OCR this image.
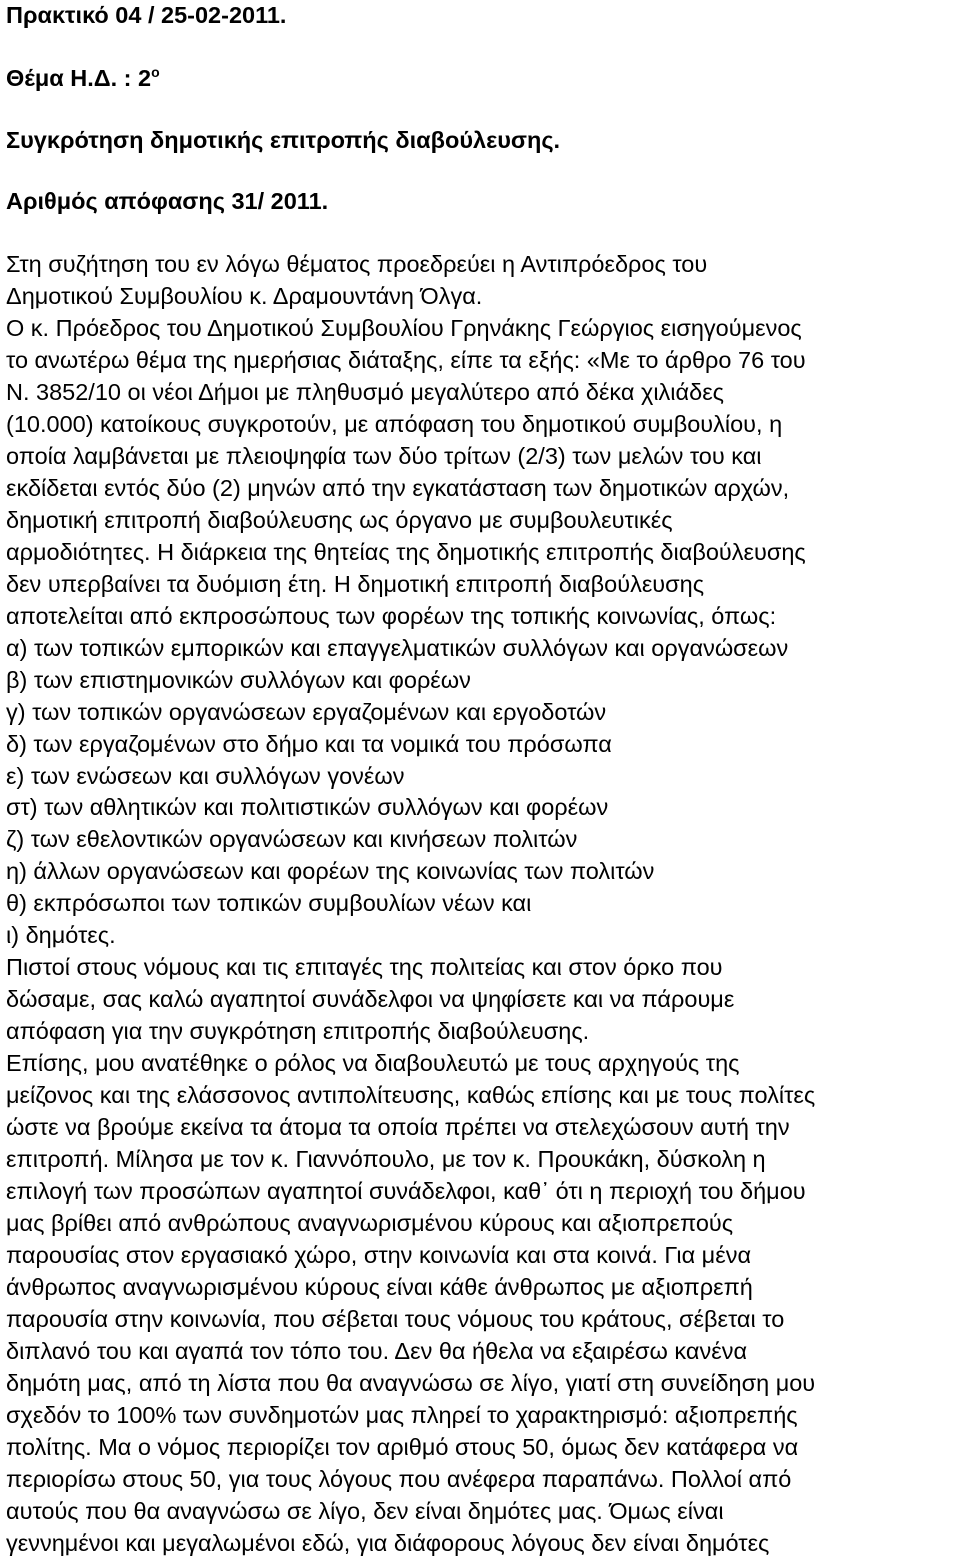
Πρακτικό 04 / 25-02-2011.
Θέμα Η.Δ. : $2^o$
Συγκρότηση δημοτικής επιτροπής διαβούλευσης.
Αριθμός απόφασης 31/ 2011.
Στη συζήτηση του εν λόγω θέματος προεδρεύει η Αντιπρόεδρος του
Δημοτικού Συμβουλίου κ. Δραμουντάνη Όλγα.
Ο κ. Πρόεδρος του Δημοτικού Συμβουλίου Γρηνάκης Γεώργιος εισηγούμενος
το ανωτέρω θέμα της ημερήσιας διάταξης, είπε τα εξής: «Με το άρθρο 76 του
Ν. 3852/10 οι νέοι Δήμοι με πληθυσμό μεγαλύτερο από δέκα χιλιάδες
(10.000) κατοίκους συγκροτούν, με απόφαση του δημοτικού συμβουλίου, η
οποία λαμβάνεται με πλειοψηφία των δύο τρίτων (2/3) των μελών του και
εκδίδεται εντός δύο (2) μηνών από την εγκατάσταση των δημοτικών αρχών,
δημοτική επιτροπή διαβούλευσης ως όργανο με συμβουλευτικές
αρμοδιότητες. Η διάρκεια της θητείας της δημοτικής επιτροπής διαβούλευσης
δεν υπερβαίνει τα δυόμιση έτη. Η δημοτική επιτροπή διαβούλευσης
αποτελείται από εκπροσώπους των φορέων της τοπικής κοινωνίας, όπως:
α) των τοπικών εμπορικών και επαγγελματικών συλλόγων και οργανώσεων
β) των επιστημονικών συλλόγων και φορέων
γ) των τοπικών οργανώσεων εργαζομένων και εργοδοτών
δ) των εργαζομένων στο δήμο και τα νομικά του πρόσωπα
ε) των ενώσεων και συλλόγων γονέων
στ) των αθλητικών και πολιτιστικών συλλόγων και φορέων
ζ) των εθελοντικών οργανώσεων και κινήσεων πολιτών
η) άλλων οργανώσεων και φορέων της κοινωνίας των πολιτών
θ) εκπρόσωποι των τοπικών συμβουλίων νέων και
ι) δημότες.
Πιστοί στους νόμους και τις επιταγές της πολιτείας και στον όρκο που
δώσαμε, σας καλώ αγαπητοί συνάδελφοι να ψηφίσετε και να πάρουμε
απόφαση για την συγκρότηση επιτροπής διαβούλευσης.
Επίσης, μου ανατέθηκε ο ρόλος να διαβουλευτώ με τους αρχηγούς της
μείζονος και της ελάσσονος αντιπολίτευσης, καθώς επίσης και με τους πολίτες
ώστε να βρούμε εκείνα τα άτομα τα οποία πρέπει να στελεχώσουν αυτή την
επιτροπή. Μίλησα με τον κ. Γιαννόπουλο, με τον κ. Προυκάκη, δύσκολη η
επιλογή των προσώπων αγαπητοί συνάδελφοι, καθ᾽ ότι η περιοχή του δήμου
μας βρίθει από ανθρώπους αναγνωρισμένου κύρους και αξιοπρεπούς
παρουσίας στον εργασιακό χώρο, στην κοινωνία και στα κοινά. Για μένα
άνθρωπος αναγνωρισμένου κύρους είναι κάθε άνθρωπος με αξιοπρεπή
παρουσία στην κοινωνία, που σέβεται τους νόμους του κράτους, σέβεται το
διπλανό του και αγαπά τον τόπο του. Δεν θα ήθελα να εξαιρέσω κανένα
δημότη μας, από τη λίστα που θα αναγνώσω σε λίγο, γιατί στη συνείδηση μου
σχεδόν το 100% των συνδημοτών μας πληρεί το χαρακτηρισμό: αξιοπρεπής
πολίτης. Μα ο νόμος περιορίζει τον αριθμό στους 50, όμως δεν κατάφερα να
περιορίσω στους 50, για τους λόγους που ανέφερα παραπάνω. Πολλοί από
αυτούς που θα αναγνώσω σε λίγο, δεν είναι δημότες μας. Όμως είναι
γεννημένοι και μεγαλωμένοι εδώ, για διάφορους λόγους δεν είναι δημότες
